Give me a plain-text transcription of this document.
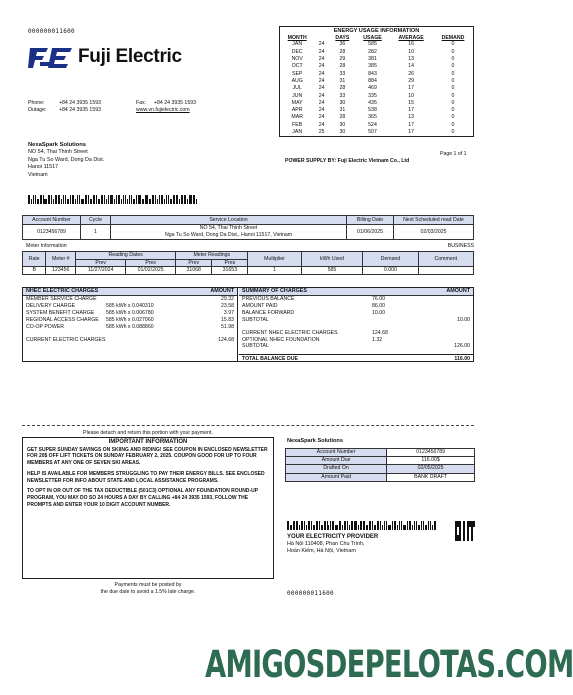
000000011600
Fuji Electric
Phone:	+84 24 3935 1593	Fax:	+84 24 3935 1593
Outage:	+84 24 3935 1593	www.vn.fujielectric.com
NexaSpark Solutions
NO 54, Thai Thinh Street
Nga Tu So Ward, Dong Da Dist.
Hanoi 11517
Vietnam
ENERGY USAGE INFORMATION
MONTH		DAYS	USAGE	AVERAGE	DEMAND
JAN	24	36	585	16	0
DEC	24	28	282	10	0
NOV	24	29	381	13	0
OCT	24	28	385	14	0
SEP	24	33	843	26	0
AUG	24	31	884	29	0
JUL	24	28	469	17	0
JUN	24	33	335	10	0
MAY	24	30	435	15	0
APR	24	31	538	17	0
MAR	24	28	365	13	0
FEB	24	30	524	17	0
JAN	25	30	507	17	0
Page 1 of 1
POWER SUPPLY BY: Fuji Electric Vietnam Co., Ltd
Account Number	Cycle	Service Location	Billing Date	Next Scheduled read Date
0123456789	1	NO 54, Thai Thinh Street
Nga Tu So Ward, Dong Da Dist., Hanoi 11517, Vietnam	01/06/2025	02/03/2025
Meter Information	BUSINESS
Rate	Meter #	Reading Dates		Meter Readings		Multiplier	kWh Used	Demand	Comment
		Prev	Pres	Prev	Pres				
B	123456	11/27/2024	01/02/2025	31068	31653	1	585	0.000	
NHEC ELECTRIC CHARGES	AMOUNT
MEMBER SERVICE CHARGE	29.32
DELIVERY CHARGE	585 kWh x 0.040310	23.58
SYSTEM BENEFIT CHARGE	585 kWh x 0.006780	3.97
REGIONAL ACCESS CHARGE	585 kWh x 0.027060	15.83
CO-OP POWER	585 kWh x 0.088860	51.98
CURRENT ELECTRIC CHARGES	124.68
SUMMARY OF CHARGES	AMOUNT
PREVIOUS BALANCE	76.00
AMOUNT PAID	86.00
BALANCE FORWARD	10.00
SUBTOTAL	10.00
CURRENT NHEC ELECTRIC CHARGES	124.68
OPTIONAL NHEC FOUNDATION	1.32
SUBTOTAL	126.00
TOTAL BALANCE DUE	116.00
Please detach and return this portion with your payment.
IMPORTANT INFORMATION

GET SUPER SUNDAY SAVINGS ON SKIING AND RIDING! SEE COUPON IN ENCLOSED NEWSLETTER FOR 20$ OFF LIFT TICKETS ON SUNDAY FEBRUARY 2, 2025. COUPON GOOD FOR UP TO FOUR MEMBERS AT ANY ONE OF SEVEN SKI AREAS.

HELP IS AVAILABLE FOR MEMBERS STRUGGLING TO PAY THEIR ENERGY BILLS. SEE ENCLOSED NEWSLETTER FOR INFO ABOUT STATE AND LOCAL ASSISTANCE PROGRAMS.

TO OPT IN OR OUT OF THE TAX DEDUCTIBLE (501C3) OPTIONAL ANY FOUNDATION ROUND-UP PROGRAM, YOU MAY DO SO 24 HOURS A DAY BY CALLING +84 24 3935 1593, FOLLOW THE PROMPTS AND ENTER YOUR 10 DIGIT ACCOUNT NUMBER.

Payments must be posted by
the due date to avoid a 1.5% late charge.
NexaSpark Solutions
Account Number	0123456789
Amount Due	116.00$
Drafted On	02/05/2025
Amount Paid	BANK DRAFT
YOUR ELECTRICITY PROVIDER
Hà Nội 110408, Phan Chu Trinh,
Hoàn Kiếm, Hà Nội, Vietnam
000000011600
AMIGOSDEPELOTAS.COM
